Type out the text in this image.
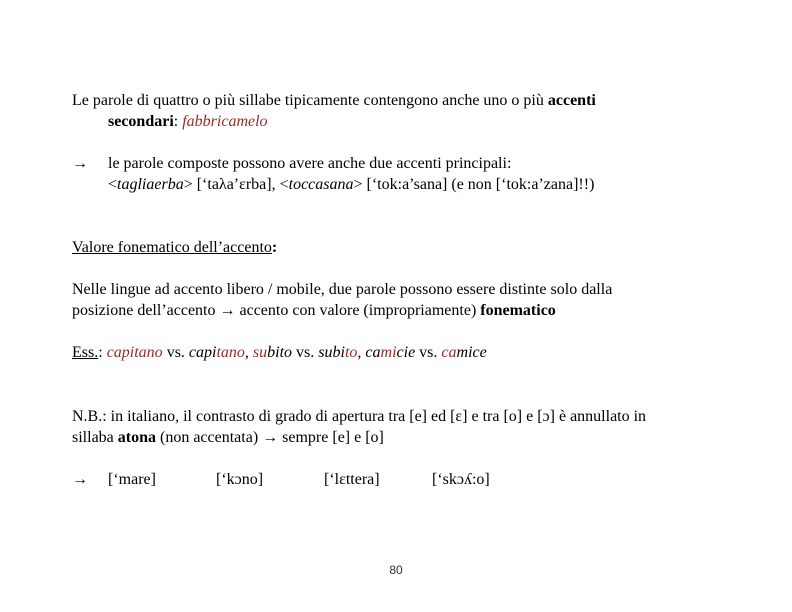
Le parole di quattro o più sillabe tipicamente contengono anche uno o più accenti
secondari: fabbricamelo
→	le parole composte possono avere anche due accenti principali:
<tagliaerba> [‘taλa’εrba], <toccasana> [‘tok:a’sana] (e non [‘tok:a’zana]!!)
Valore fonematico dell’accento:
Nelle lingue ad accento libero / mobile, due parole possono essere distinte solo dalla
posizione dell’accento → accento con valore (impropriamente) fonematico
Ess.: capitano vs. capitano, subito vs. subito, camicie vs. camice
N.B.: in italiano, il contrasto di grado di apertura tra [e] ed [ε] e tra [o] e [ɔ] è annullato in
sillaba atona (non accentata) → sempre [e] e [o]
→ [‘mare]	[‘kɔno]	[‘lεttera]	[‘skɔʎ:o]
80
